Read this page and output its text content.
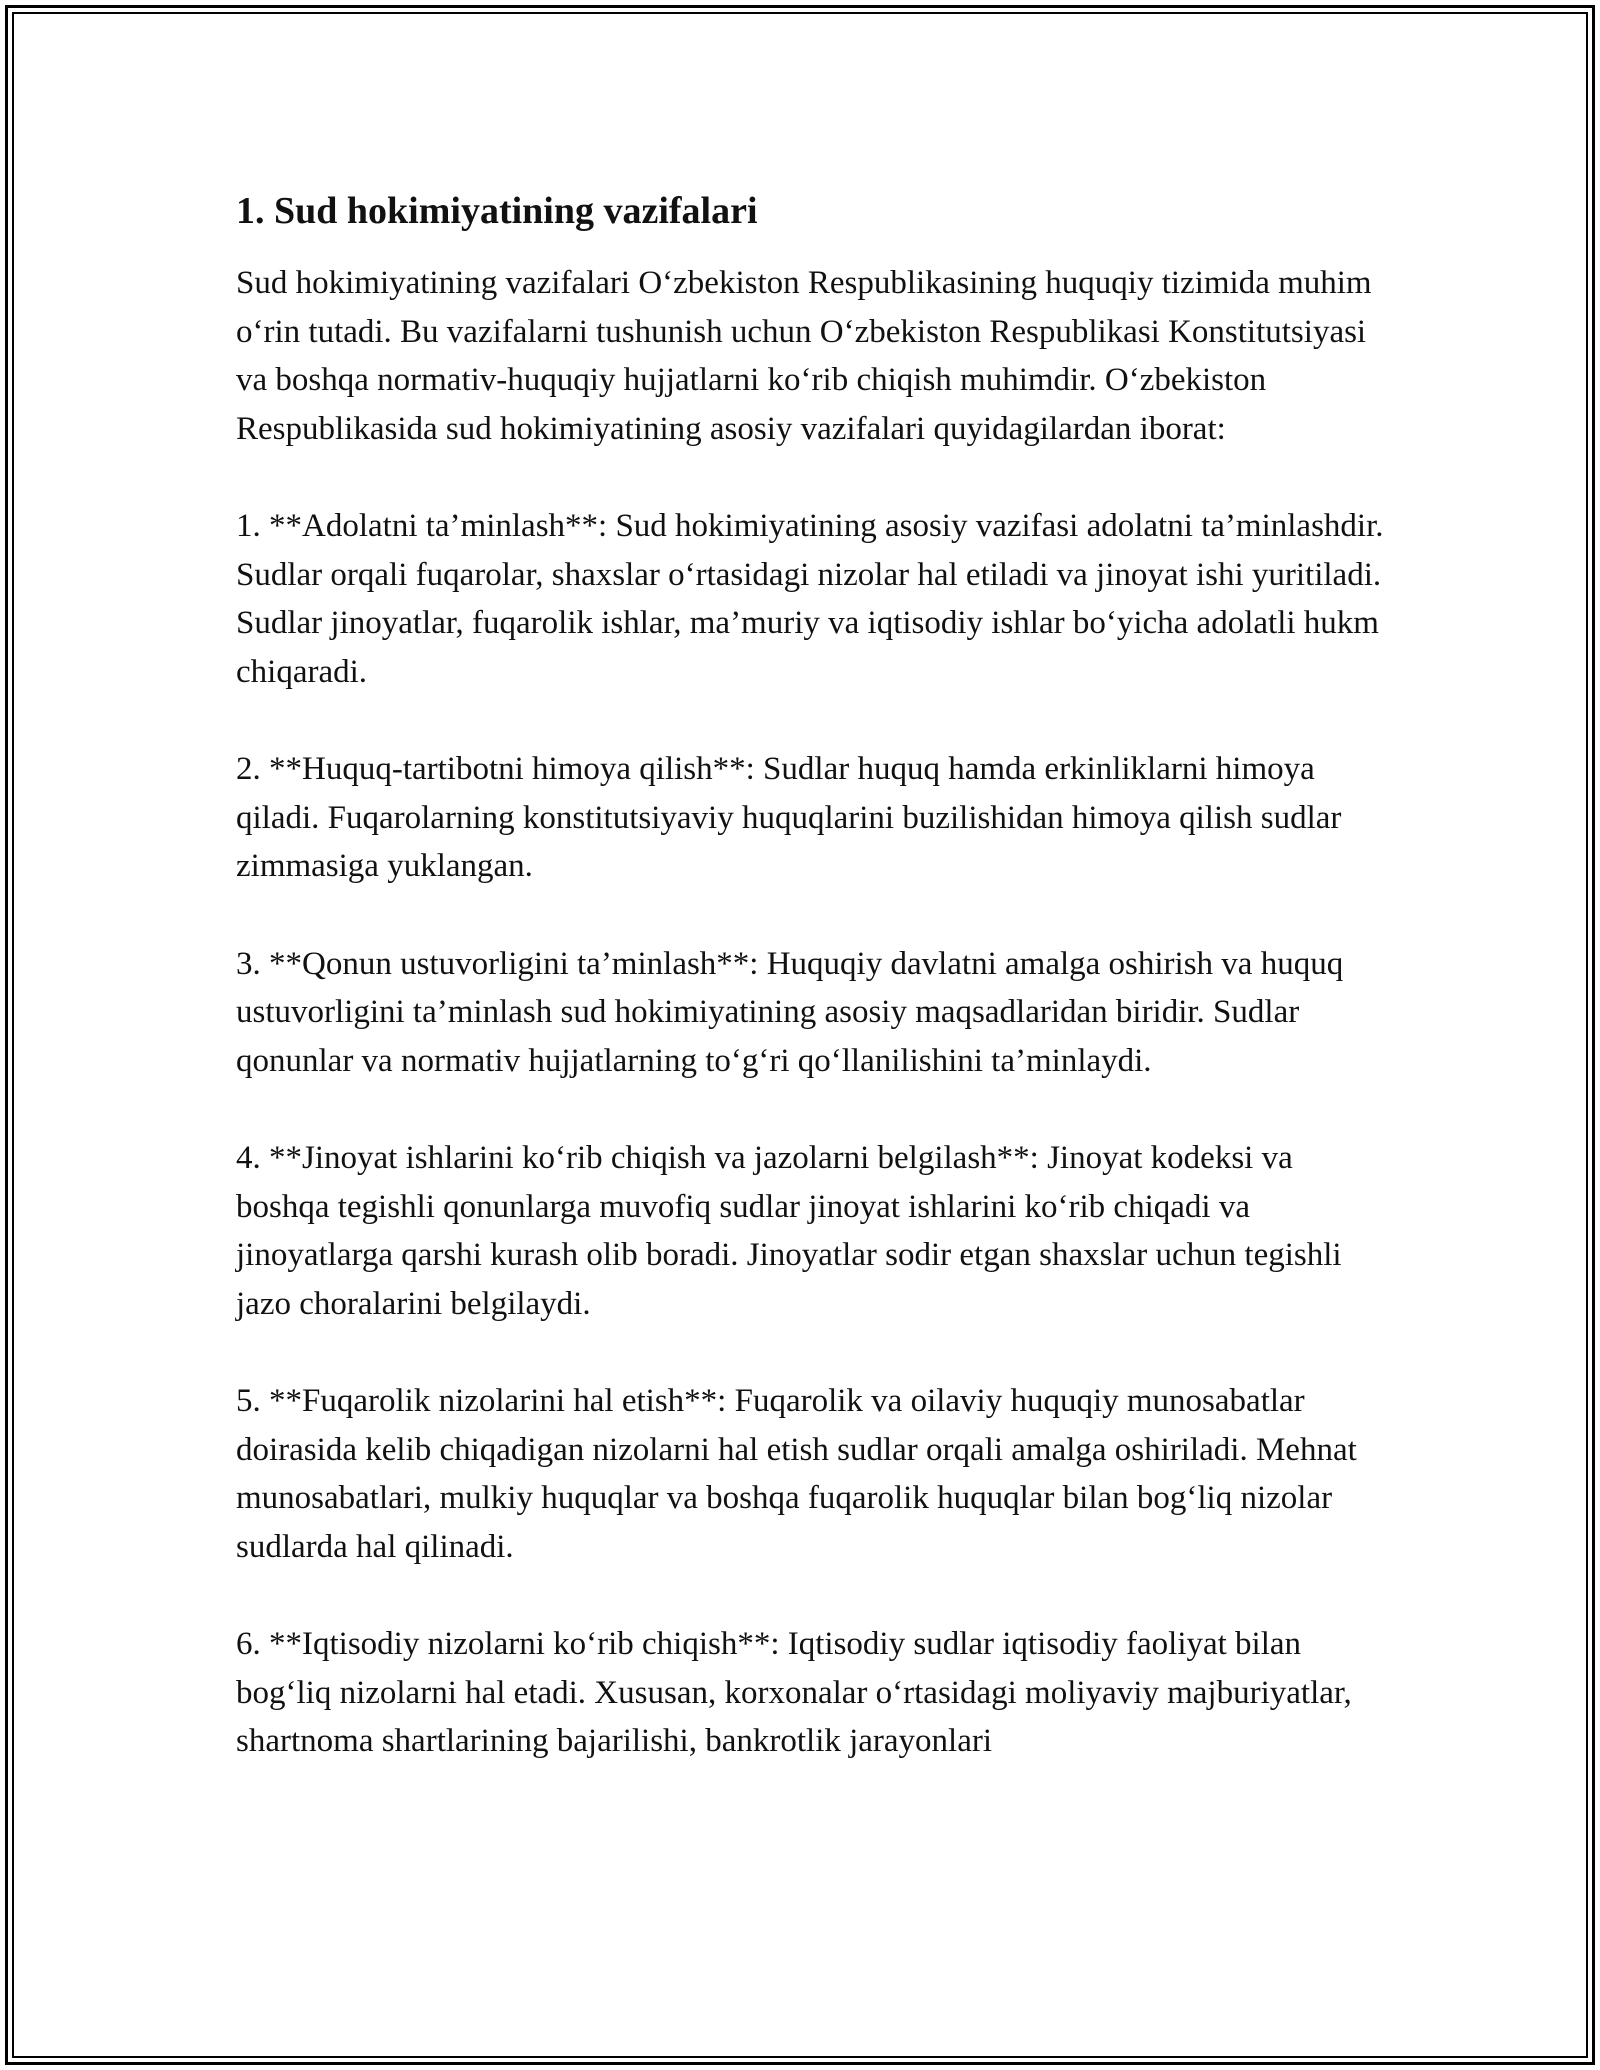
1. Sud hokimiyatining vazifalari

Sud hokimiyatining vazifalari O‘zbekiston Respublikasining huquqiy tizimida muhim o‘rin tutadi. Bu vazifalarni tushunish uchun O‘zbekiston Respublikasi Konstitutsiyasi va boshqa normativ-huquqiy hujjatlarni ko‘rib chiqish muhimdir. O‘zbekiston Respublikasida sud hokimiyatining asosiy vazifalari quyidagilardan iborat:

1. **Adolatni ta’minlash**: Sud hokimiyatining asosiy vazifasi adolatni ta’minlashdir. Sudlar orqali fuqarolar, shaxslar o‘rtasidagi nizolar hal etiladi va jinoyat ishi yuritiladi. Sudlar jinoyatlar, fuqarolik ishlar, ma’muriy va iqtisodiy ishlar bo‘yicha adolatli hukm chiqaradi.

2. **Huquq-tartibotni himoya qilish**: Sudlar huquq hamda erkinliklarni himoya qiladi. Fuqarolarning konstitutsiyaviy huquqlarini buzilishidan himoya qilish sudlar zimmasiga yuklangan.

3. **Qonun ustuvorligini ta’minlash**: Huquqiy davlatni amalga oshirish va huquq ustuvorligini ta’minlash sud hokimiyatining asosiy maqsadlaridan biridir. Sudlar qonunlar va normativ hujjatlarning to‘g‘ri qo‘llanilishini ta’minlaydi.

4. **Jinoyat ishlarini ko‘rib chiqish va jazolarni belgilash**: Jinoyat kodeksi va boshqa tegishli qonunlarga muvofiq sudlar jinoyat ishlarini ko‘rib chiqadi va jinoyatlarga qarshi kurash olib boradi. Jinoyatlar sodir etgan shaxslar uchun tegishli jazo choralarini belgilaydi.

5. **Fuqarolik nizolarini hal etish**: Fuqarolik va oilaviy huquqiy munosabatlar doirasida kelib chiqadigan nizolarni hal etish sudlar orqali amalga oshiriladi. Mehnat munosabatlari, mulkiy huquqlar va boshqa fuqarolik huquqlar bilan bog‘liq nizolar sudlarda hal qilinadi.

6. **Iqtisodiy nizolarni ko‘rib chiqish**: Iqtisodiy sudlar iqtisodiy faoliyat bilan bog‘liq nizolarni hal etadi. Xususan, korxonalar o‘rtasidagi moliyaviy majburiyatlar, shartnoma shartlarining bajarilishi, bankrotlik jarayonlari
